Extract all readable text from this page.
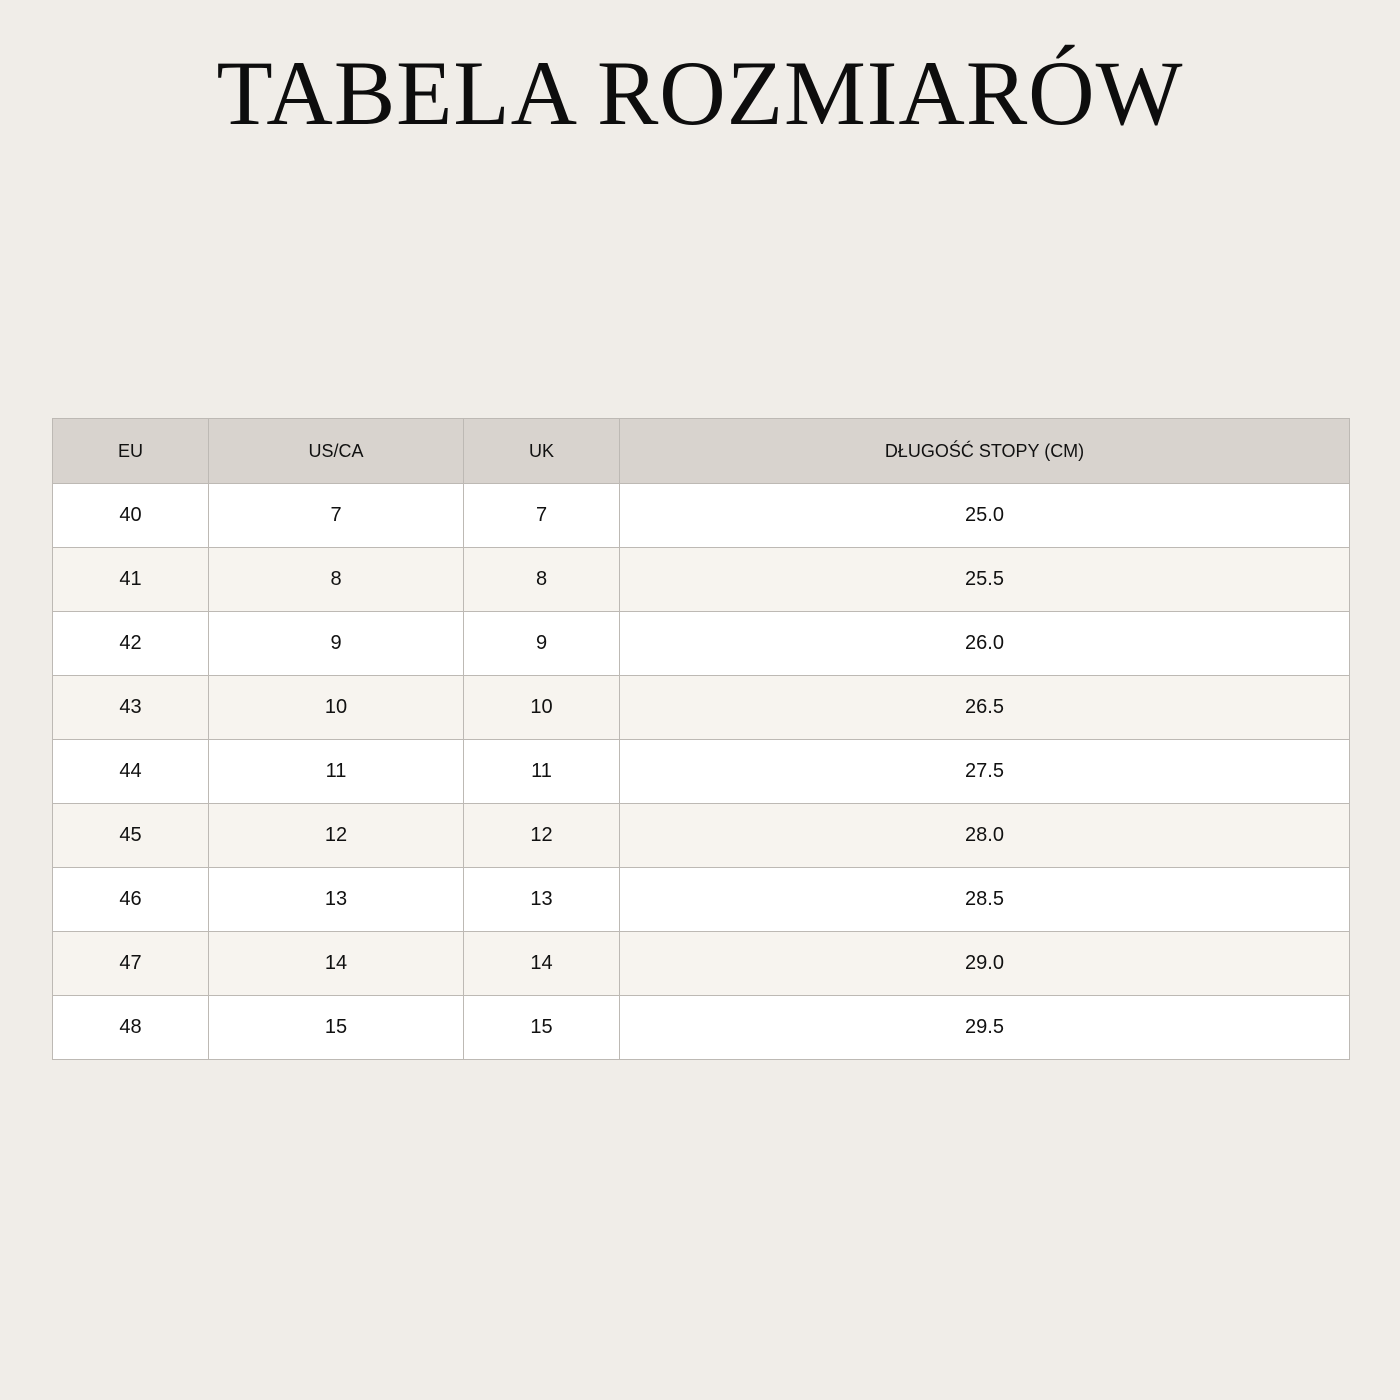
TABELA ROZMIARÓW
EU	US/CA	UK	DŁUGOŚĆ STOPY (CM)
40	7	7	25.0
41	8	8	25.5
42	9	9	26.0
43	10	10	26.5
44	11	11	27.5
45	12	12	28.0
46	13	13	28.5
47	14	14	29.0
48	15	15	29.5
